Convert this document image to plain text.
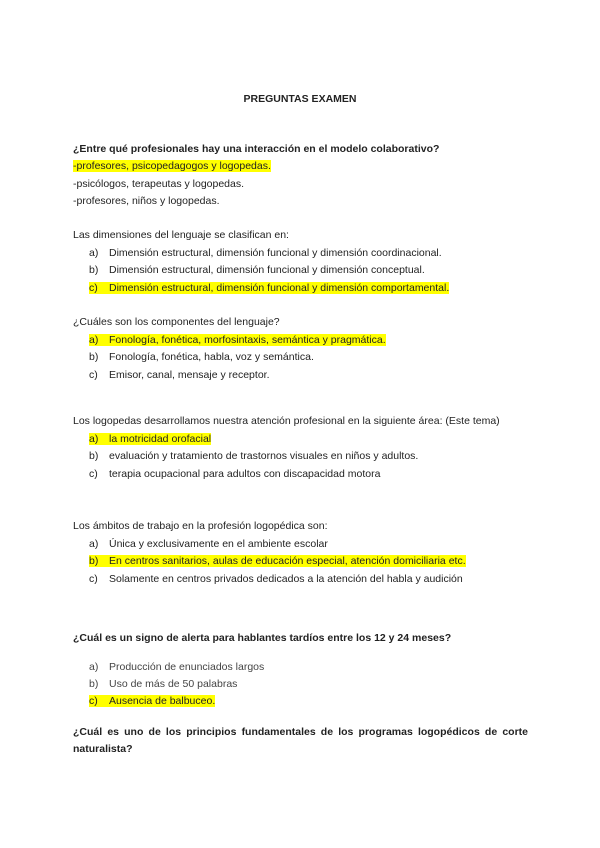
PREGUNTAS EXAMEN
¿Entre qué profesionales hay una interacción en el modelo colaborativo?
-profesores, psicopedagogos y logopedas.
-psicólogos, terapeutas y logopedas.
-profesores, niños y logopedas.
Las dimensiones del lenguaje se clasifican en:
a) Dimensión estructural, dimensión funcional y dimensión coordinacional.
b) Dimensión estructural, dimensión funcional y dimensión conceptual.
c) Dimensión estructural, dimensión funcional y dimensión comportamental.
¿Cuáles son los componentes del lenguaje?
a) Fonología, fonética, morfosintaxis, semántica y pragmática.
b) Fonología, fonética, habla, voz y semántica.
c) Emisor, canal, mensaje y receptor.
Los logopedas desarrollamos nuestra atención profesional en la siguiente área: (Este tema)
a) la motricidad orofacial
b) evaluación y tratamiento de trastornos visuales en niños y adultos.
c) terapia ocupacional para adultos con discapacidad motora
Los ámbitos de trabajo en la profesión logopédica son:
a) Única y exclusivamente en el ambiente escolar
b) En centros sanitarios, aulas de educación especial, atención domiciliaria etc.
c) Solamente en centros privados dedicados a la atención del habla y audición
¿Cuál es un signo de alerta para hablantes tardíos entre los 12 y 24 meses?
a) Producción de enunciados largos
b) Uso de más de 50 palabras
c) Ausencia de balbuceo.
¿Cuál es uno de los principios fundamentales de los programas logopédicos de corte naturalista?
